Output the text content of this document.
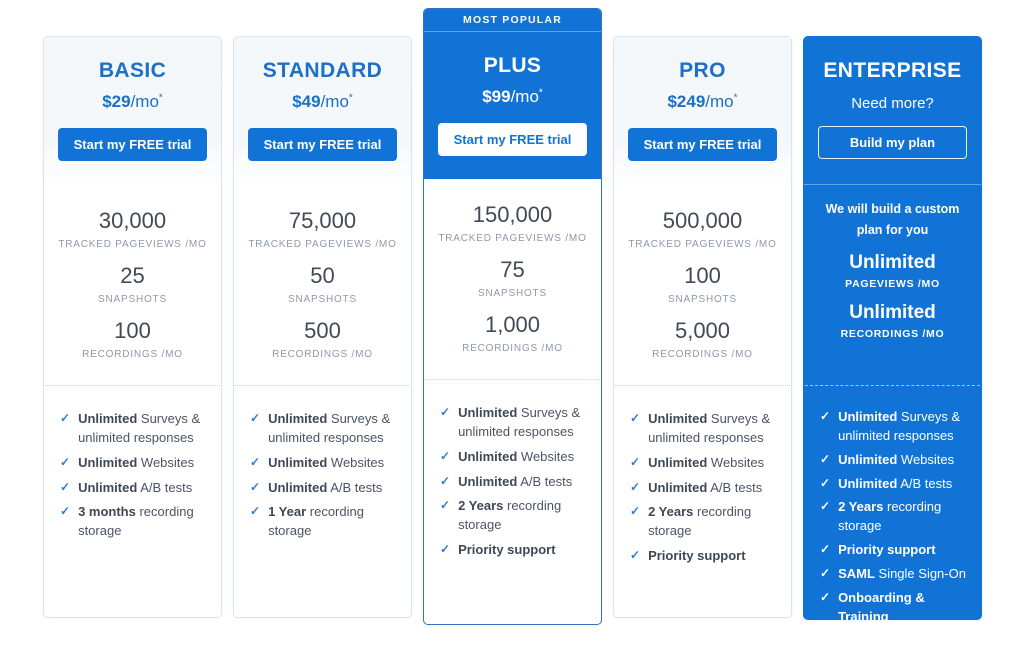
BASIC
$29/mo*
Start my FREE trial
30,000
TRACKED PAGEVIEWS /MO
25
SNAPSHOTS
100
RECORDINGS /MO
✓ Unlimited Surveys & unlimited responses
✓ Unlimited Websites
✓ Unlimited A/B tests
✓ 3 months recording storage
STANDARD
$49/mo*
Start my FREE trial
75,000
TRACKED PAGEVIEWS /MO
50
SNAPSHOTS
500
RECORDINGS /MO
✓ Unlimited Surveys & unlimited responses
✓ Unlimited Websites
✓ Unlimited A/B tests
✓ 1 Year recording storage
MOST POPULAR
PLUS
$99/mo*
Start my FREE trial
150,000
TRACKED PAGEVIEWS /MO
75
SNAPSHOTS
1,000
RECORDINGS /MO
✓ Unlimited Surveys & unlimited responses
✓ Unlimited Websites
✓ Unlimited A/B tests
✓ 2 Years recording storage
✓ Priority support
PRO
$249/mo*
Start my FREE trial
500,000
TRACKED PAGEVIEWS /MO
100
SNAPSHOTS
5,000
RECORDINGS /MO
✓ Unlimited Surveys & unlimited responses
✓ Unlimited Websites
✓ Unlimited A/B tests
✓ 2 Years recording storage
✓ Priority support
ENTERPRISE
Need more?
Build my plan
We will build a custom plan for you
Unlimited
PAGEVIEWS /MO
Unlimited
RECORDINGS /MO
✓ Unlimited Surveys & unlimited responses
✓ Unlimited Websites
✓ Unlimited A/B tests
✓ 2 Years recording storage
✓ Priority support
✓ SAML Single Sign-On
✓ Onboarding & Training
